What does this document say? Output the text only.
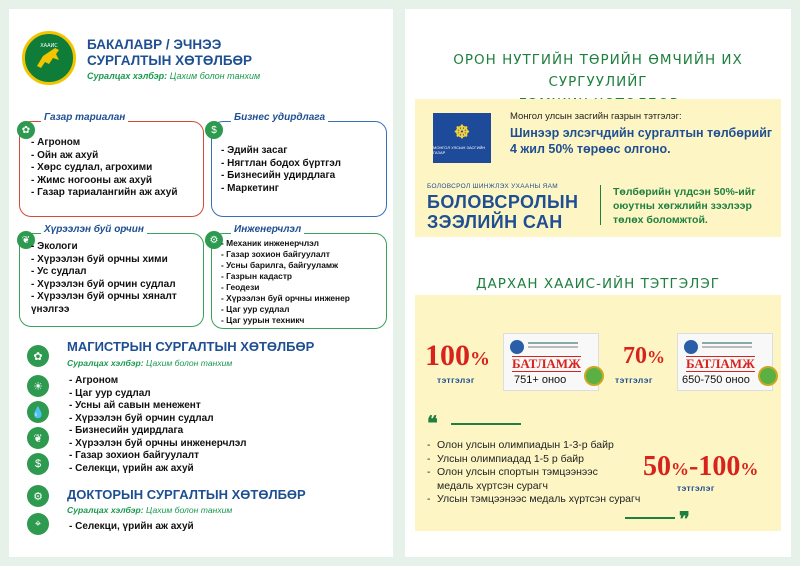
ХААИС БАКАЛАВР / ЭЧНЭЭ
СУРГАЛТЫН ХӨТӨЛБӨР
Суралцах хэлбэр: Цахим болон танхим
Газар тариалан
✿
- Агроном
- Ойн аж ахуй
- Хөрс судлал, агрохими
- Жимс ногооны аж ахуй
- Газар тариалангийн аж ахуй
Бизнес удирдлага
$
- Эдийн засаг
- Нягтлан бодох бүртгэл
- Бизнесийн удирдлага
- Маркетинг
Хүрээлэн буй орчин
❦
- Экологи
- Хүрээлэн буй орчны хими
- Ус судлал
- Хүрээлэн буй орчин судлал
- Хүрээлэн буй орчны хяналт
үнэлгээ
Инженерчлэл
⚙ - Механик инженерчлэл
- Газар зохион байгуулалт
- Усны барилга, байгууламж
- Газрын кадастр
- Геодези
- Хүрээлэн буй орчны инженер
- Цаг уур судлал
- Цаг уурын техникч
МАГИСТРЫН СУРГАЛТЫН ХӨТӨЛБӨР
Суралцах хэлбэр: Цахим болон танхим
✿
☀
💧
❦
$
- Агроном
- Цаг уур судлал
- Усны ай савын менежент
- Хүрээлэн буй орчин судлал
- Бизнесийн удирдлага
- Хүрээлэн буй орчны инженерчлэл
- Газар зохион байгуулалт
- Селекци, үрийн аж ахуй
⚙	ДОКТОРЫН СУРГАЛТЫН ХӨТӨЛБӨР
Суралцах хэлбэр: Цахим болон танхим
⌖	- Селекци, үрийн аж ахуй
ОРОН НУТГИЙН ТӨРИЙН ӨМЧИЙН ИХ СУРГУУЛИЙГ
☸
МОНГОЛ УЛСЫН ЗАСГИЙН ГАЗАР
Монгол улсын засгийн газрын тэтгэлэг:
Шинээр элсэгчдийн сургалтын төлбөрийг
4 жил 50% төрөөс олгоно.
БОЛОВСРОЛ ШИНЖЛЭХ УХААНЫ ЯАМ
БОЛОВСРОЛЫН
ЗЭЭЛИЙН САН
Төлбөрийн үлдсэн 50%-ийг
оюутны хөгжлийн зээлээр
төлөх боломжтой.
ДАРХАН ХААИС-ИЙН ТЭТГЭЛЭГ
100%
тэтгэлэг
БАТЛАМЖ
751+ оноо
70%
тэтгэлэг
БАТЛАМЖ
650-750 оноо
❝
❞
50%-100%
тэтгэлэг
- Олон улсын олимпиадын 1-3-р байр
- Улсын олимпиадад 1-5 р байр
- Олон улсын спортын тэмцээнээс
медаль хүртсэн сурагч
- Улсын тэмцээнээс медаль хүртсэн сурагч
